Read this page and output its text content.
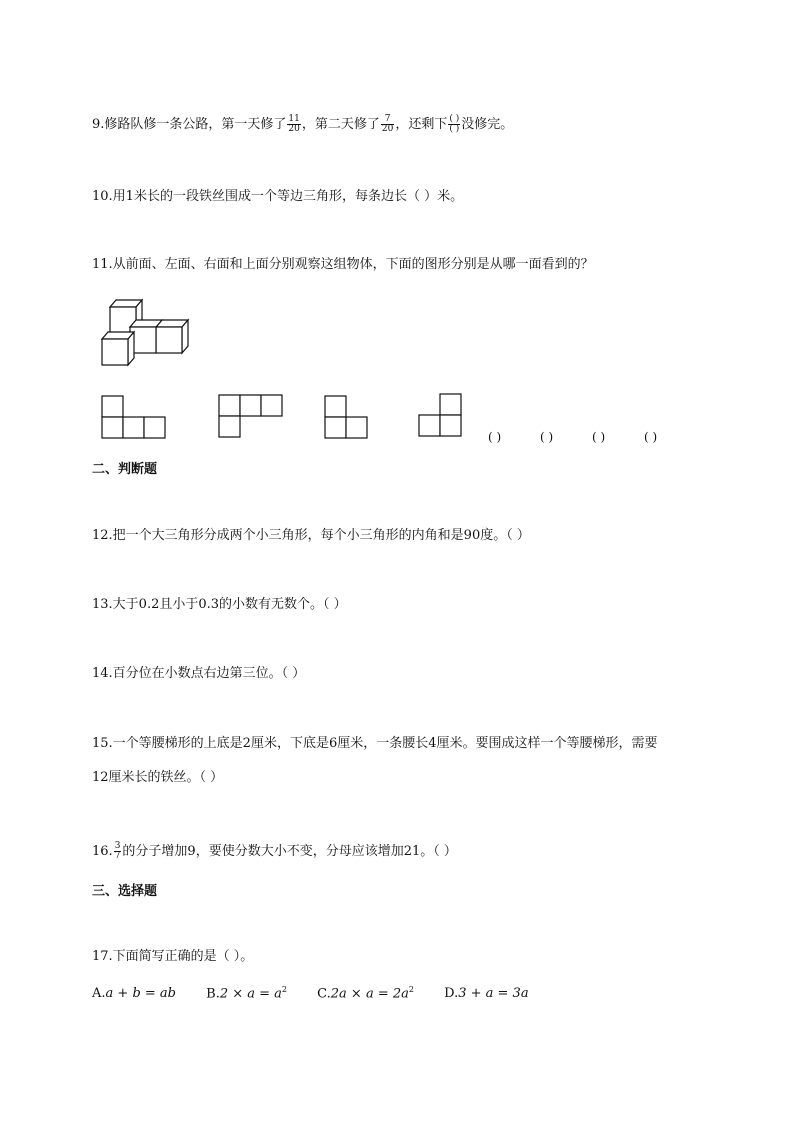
9.修路队修一条公路，第一天修了 $\frac{11}{20}$ ，第二天修了 $\frac{7}{20}$ ，还剩下 $\frac{( )}{( )}$ 没修完。
10.用1米长的一段铁丝围成一个等边三角形，每条边长（ ）米。
11.从前面、左面、右面和上面分别观察这组物体，下面的图形分别是从哪一面看到的？
( )	( )	( )	( )
二、判断题
12.把一个大三角形分成两个小三角形，每个小三角形的内角和是90度。（ ）
13.大于0.2且小于0.3的小数有无数个。（ ）
14.百分位在小数点右边第三位。（ ）
15.一个等腰梯形的上底是2厘米，下底是6厘米，一条腰长4厘米。要围成这样一个等腰梯形，需要
12厘米长的铁丝。（ ）
16. $\frac{3}{7}$ 的分子增加9，要使分数大小不变，分母应该增加21。（ ）
三、选择题
17.下面简写正确的是（ ）。
A.a + b = ab $B.2 \times a = a^2$ $C.2a \times a = 2a^2$ D.3 + a = 3a
